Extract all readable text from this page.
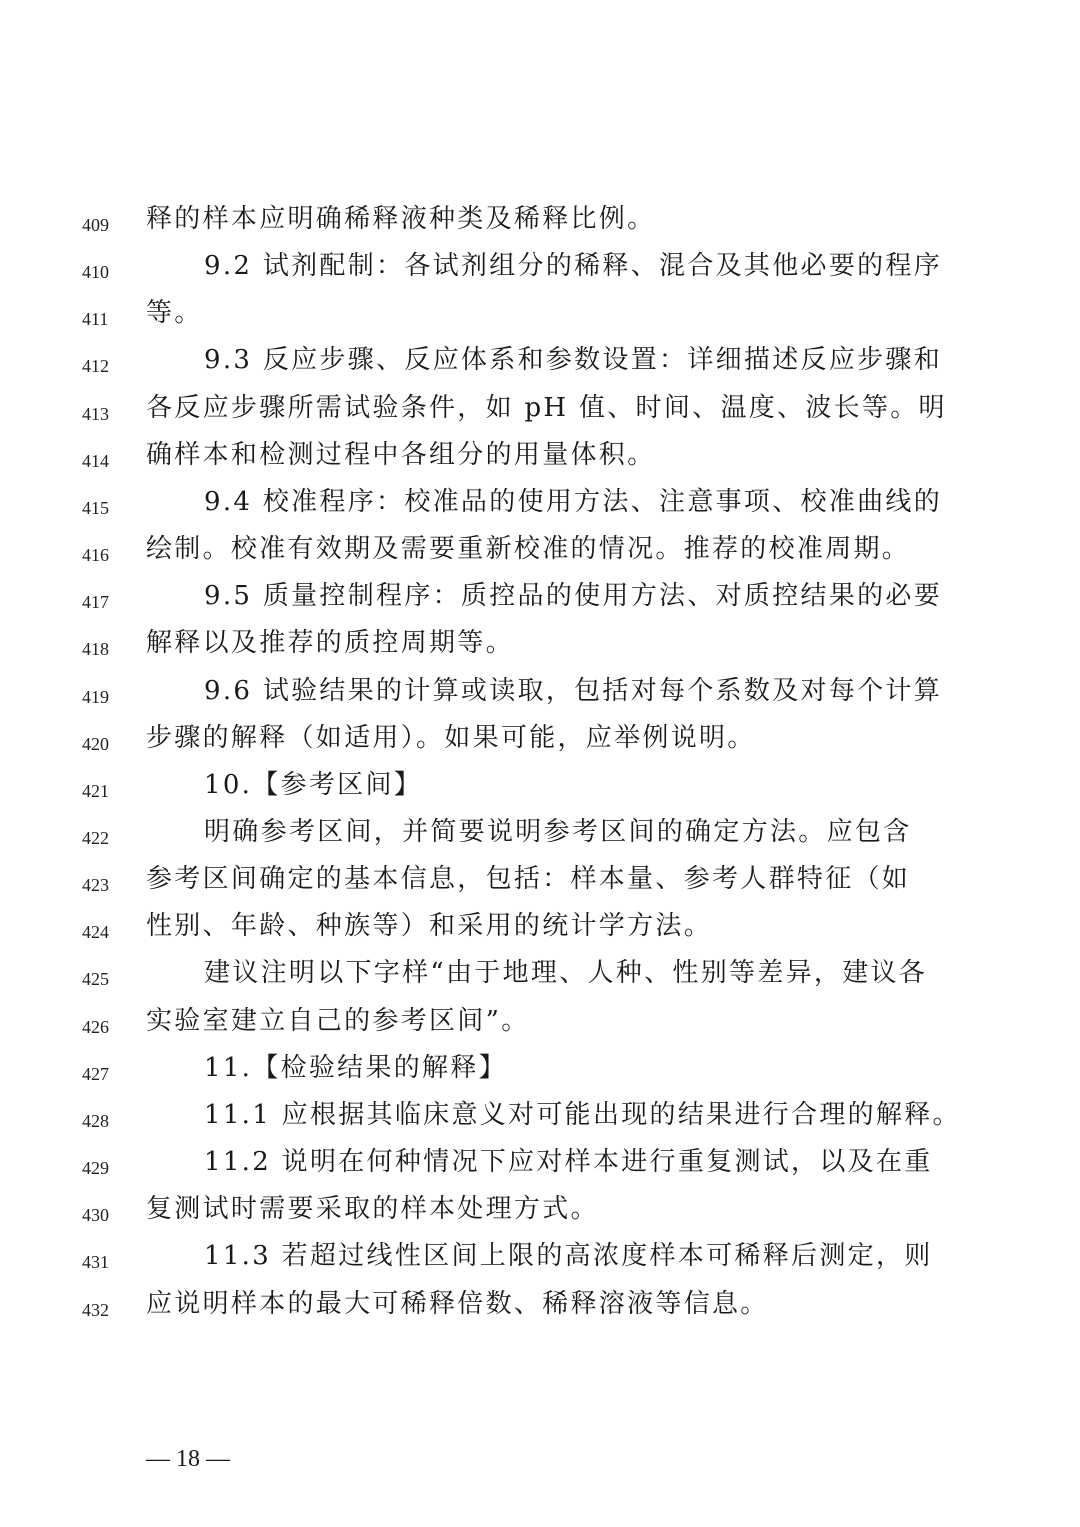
409	释的样本应明确稀释液种类及稀释比例。
410	9.2 试剂配制：各试剂组分的稀释、混合及其他必要的程序
411	等。
412	9.3 反应步骤、反应体系和参数设置：详细描述反应步骤和
413	各反应步骤所需试验条件，如 pH 值、时间、温度、波长等。明
414	确样本和检测过程中各组分的用量体积。
415	9.4 校准程序：校准品的使用方法、注意事项、校准曲线的
416	绘制。校准有效期及需要重新校准的情况。推荐的校准周期。
417	9.5 质量控制程序：质控品的使用方法、对质控结果的必要
418	解释以及推荐的质控周期等。
419	9.6 试验结果的计算或读取，包括对每个系数及对每个计算
420	步骤的解释（如适用）。如果可能，应举例说明。
421	10.【参考区间】
422	明确参考区间，并简要说明参考区间的确定方法。应包含
423	参考区间确定的基本信息，包括：样本量、参考人群特征（如
424	性别、年龄、种族等）和采用的统计学方法。
425	建议注明以下字样“由于地理、人种、性别等差异，建议各
426	实验室建立自己的参考区间”。
427	11.【检验结果的解释】
428	11.1 应根据其临床意义对可能出现的结果进行合理的解释。
429	11.2 说明在何种情况下应对样本进行重复测试，以及在重
430	复测试时需要采取的样本处理方式。
431	11.3 若超过线性区间上限的高浓度样本可稀释后测定，则
432	应说明样本的最大可稀释倍数、稀释溶液等信息。
— 18 —
